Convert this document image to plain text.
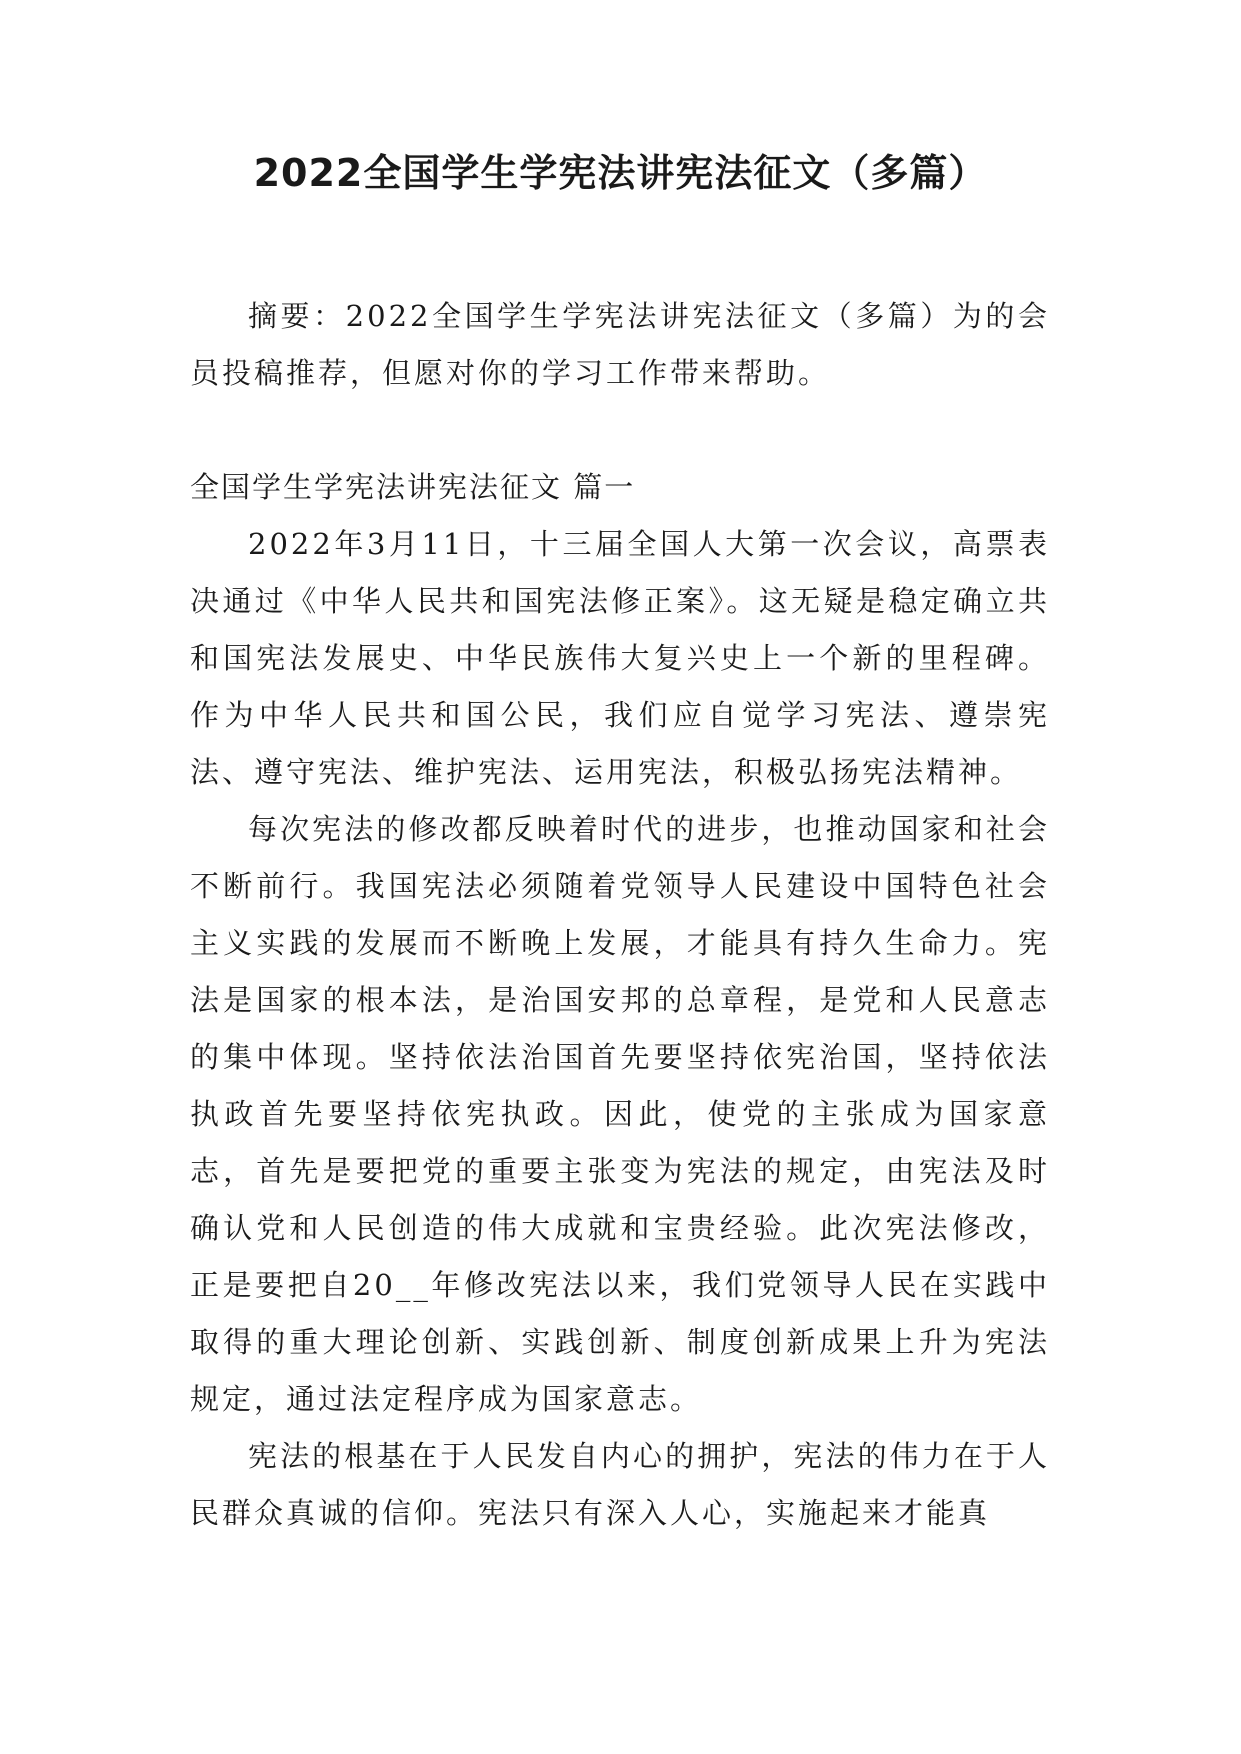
2022全国学生学宪法讲宪法征文（多篇）

摘要：2022全国学生学宪法讲宪法征文（多篇）为的会员投稿推荐，但愿对你的学习工作带来帮助。

全国学生学宪法讲宪法征文 篇一

2022年3月11日，十三届全国人大第一次会议，高票表决通过《中华人民共和国宪法修正案》。这无疑是稳定确立共和国宪法发展史、中华民族伟大复兴史上一个新的里程碑。作为中华人民共和国公民，我们应自觉学习宪法、遵崇宪法、遵守宪法、维护宪法、运用宪法，积极弘扬宪法精神。

每次宪法的修改都反映着时代的进步，也推动国家和社会不断前行。我国宪法必须随着党领导人民建设中国特色社会主义实践的发展而不断晚上发展，才能具有持久生命力。宪法是国家的根本法，是治国安邦的总章程，是党和人民意志的集中体现。坚持依法治国首先要坚持依宪治国，坚持依法执政首先要坚持依宪执政。因此，使党的主张成为国家意志，首先是要把党的重要主张变为宪法的规定，由宪法及时确认党和人民创造的伟大成就和宝贵经验。此次宪法修改，正是要把自20__年修改宪法以来，我们党领导人民在实践中取得的重大理论创新、实践创新、制度创新成果上升为宪法规定，通过法定程序成为国家意志。

宪法的根基在于人民发自内心的拥护，宪法的伟力在于人民群众真诚的信仰。宪法只有深入人心，实施起来才能真
